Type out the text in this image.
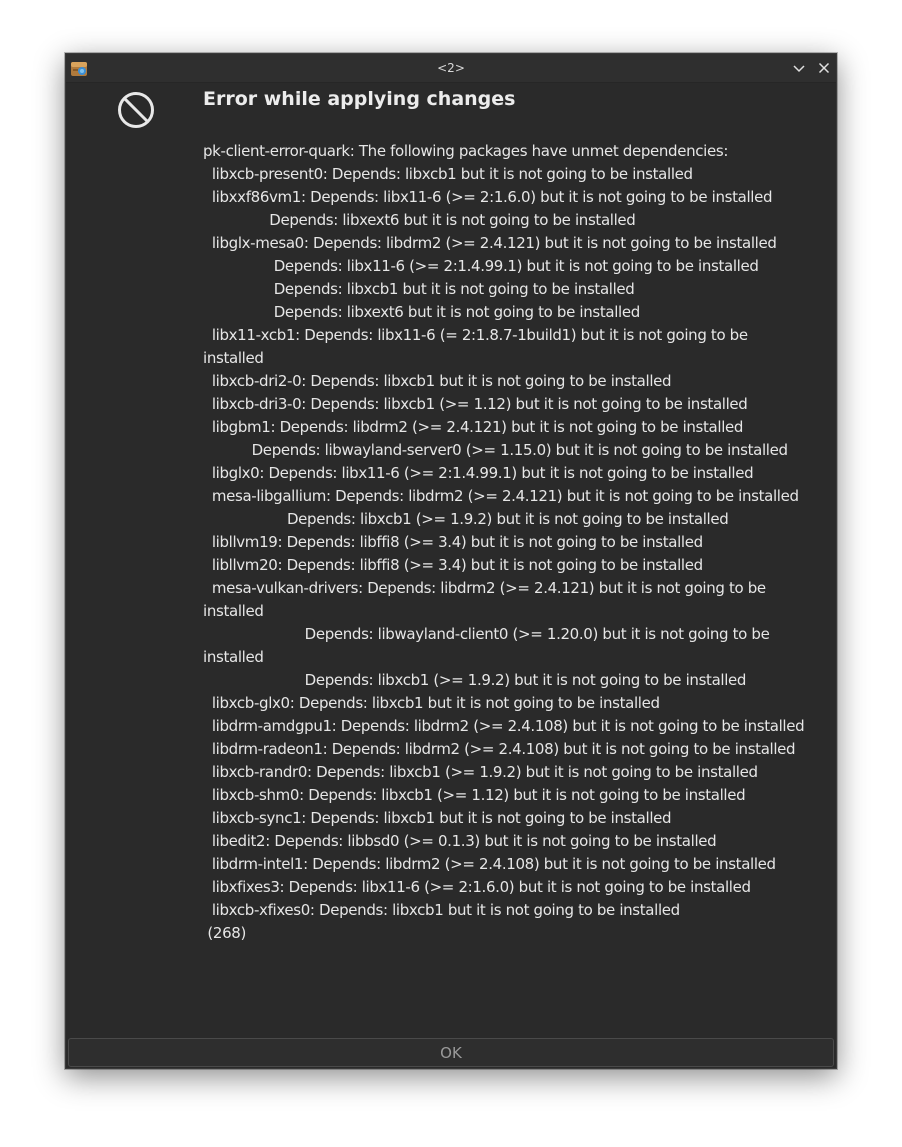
<2>
Error while applying changes
pk-client-error-quark: The following packages have unmet dependencies:
libxcb-present0: Depends: libxcb1 but it is not going to be installed
libxxf86vm1: Depends: libx11-6 (>= 2:1.6.0) but it is not going to be installed
Depends: libxext6 but it is not going to be installed
libglx-mesa0: Depends: libdrm2 (>= 2.4.121) but it is not going to be installed
Depends: libx11-6 (>= 2:1.4.99.1) but it is not going to be installed
Depends: libxcb1 but it is not going to be installed
Depends: libxext6 but it is not going to be installed
libx11-xcb1: Depends: libx11-6 (= 2:1.8.7-1build1) but it is not going to be installed
libxcb-dri2-0: Depends: libxcb1 but it is not going to be installed
libxcb-dri3-0: Depends: libxcb1 (>= 1.12) but it is not going to be installed
libgbm1: Depends: libdrm2 (>= 2.4.121) but it is not going to be installed
Depends: libwayland-server0 (>= 1.15.0) but it is not going to be installed
libglx0: Depends: libx11-6 (>= 2:1.4.99.1) but it is not going to be installed
mesa-libgallium: Depends: libdrm2 (>= 2.4.121) but it is not going to be installed
Depends: libxcb1 (>= 1.9.2) but it is not going to be installed
libllvm19: Depends: libffi8 (>= 3.4) but it is not going to be installed
libllvm20: Depends: libffi8 (>= 3.4) but it is not going to be installed
mesa-vulkan-drivers: Depends: libdrm2 (>= 2.4.121) but it is not going to be installed
Depends: libwayland-client0 (>= 1.20.0) but it is not going to be installed
Depends: libxcb1 (>= 1.9.2) but it is not going to be installed
libxcb-glx0: Depends: libxcb1 but it is not going to be installed
libdrm-amdgpu1: Depends: libdrm2 (>= 2.4.108) but it is not going to be installed
libdrm-radeon1: Depends: libdrm2 (>= 2.4.108) but it is not going to be installed
libxcb-randr0: Depends: libxcb1 (>= 1.9.2) but it is not going to be installed
libxcb-shm0: Depends: libxcb1 (>= 1.12) but it is not going to be installed
libxcb-sync1: Depends: libxcb1 but it is not going to be installed
libedit2: Depends: libbsd0 (>= 0.1.3) but it is not going to be installed
libdrm-intel1: Depends: libdrm2 (>= 2.4.108) but it is not going to be installed
libxfixes3: Depends: libx11-6 (>= 2:1.6.0) but it is not going to be installed
libxcb-xfixes0: Depends: libxcb1 but it is not going to be installed
(268)
OK
